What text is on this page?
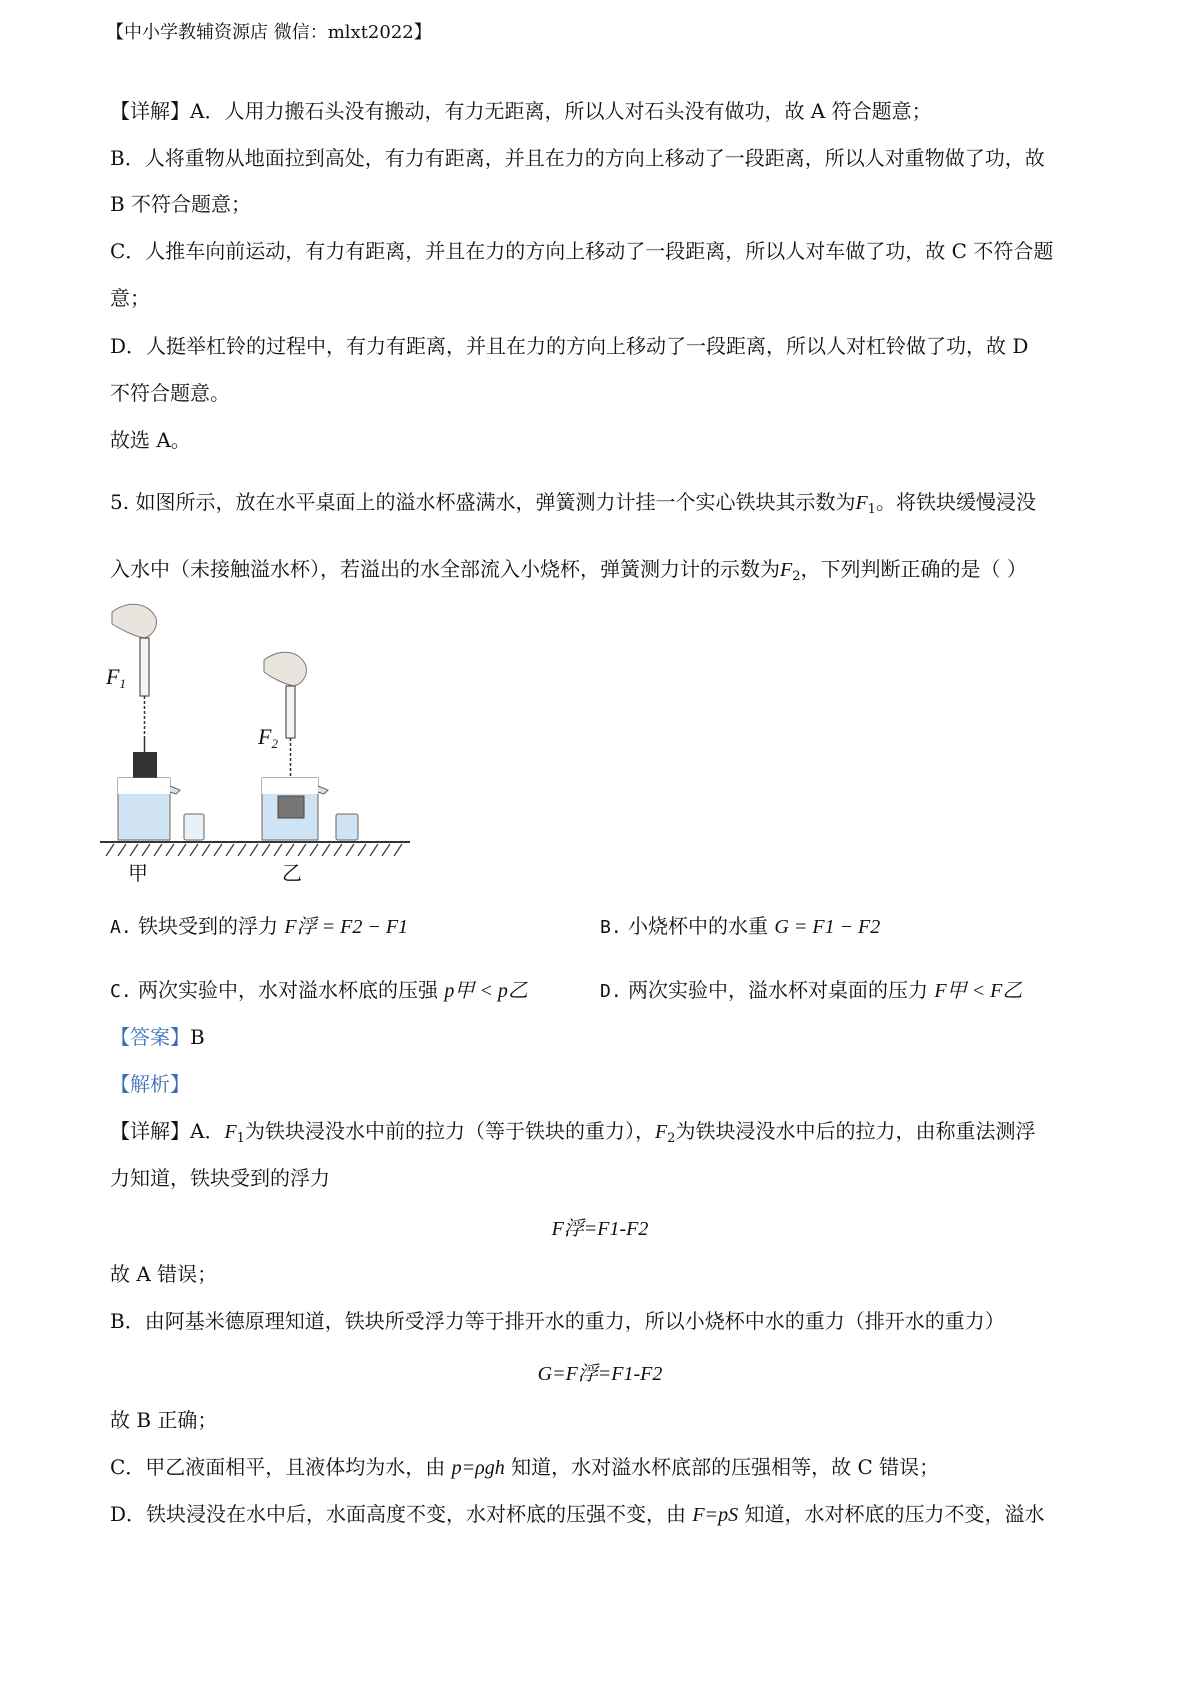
【中小学教辅资源店 微信：mlxt2022】
【详解】A．人用力搬石头没有搬动，有力无距离，所以人对石头没有做功，故 A 符合题意；
B．人将重物从地面拉到高处，有力有距离，并且在力的方向上移动了一段距离，所以人对重物做了功，故
B 不符合题意；
C．人推车向前运动，有力有距离，并且在力的方向上移动了一段距离，所以人对车做了功，故 C 不符合题
意；
D．人挺举杠铃的过程中，有力有距离，并且在力的方向上移动了一段距离，所以人对杠铃做了功，故 D
不符合题意。
故选 A。
5. 如图所示，放在水平桌面上的溢水杯盛满水，弹簧测力计挂一个实心铁块其示数为$F_1$。将铁块缓慢浸没
入水中（未接触溢水杯），若溢出的水全部流入小烧杯，弹簧测力计的示数为$F_2$，下列判断正确的是（ ）
$F_1$
$F_2$
甲	乙
A. 铁块受到的浮力 F浮 = F2 − F1	B. 小烧杯中的水重 G = F1 − F2
C. 两次实验中，水对溢水杯底的压强 p甲 < p乙	D. 两次实验中，溢水杯对桌面的压力 F甲 < F乙
【答案】B
【解析】
【详解】A．$F_1$为铁块浸没水中前的拉力（等于铁块的重力），$F_2$为铁块浸没水中后的拉力，由称重法测浮
力知道，铁块受到的浮力
F浮=F1-F2
故 A 错误；
B．由阿基米德原理知道，铁块所受浮力等于排开水的重力，所以小烧杯中水的重力（排开水的重力）
G=F浮=F1-F2
故 B 正确；
C．甲乙液面相平，且液体均为水，由 p=ρgh 知道，水对溢水杯底部的压强相等，故 C 错误；
D．铁块浸没在水中后，水面高度不变，水对杯底的压强不变，由 F=pS 知道，水对杯底的压力不变，溢水
